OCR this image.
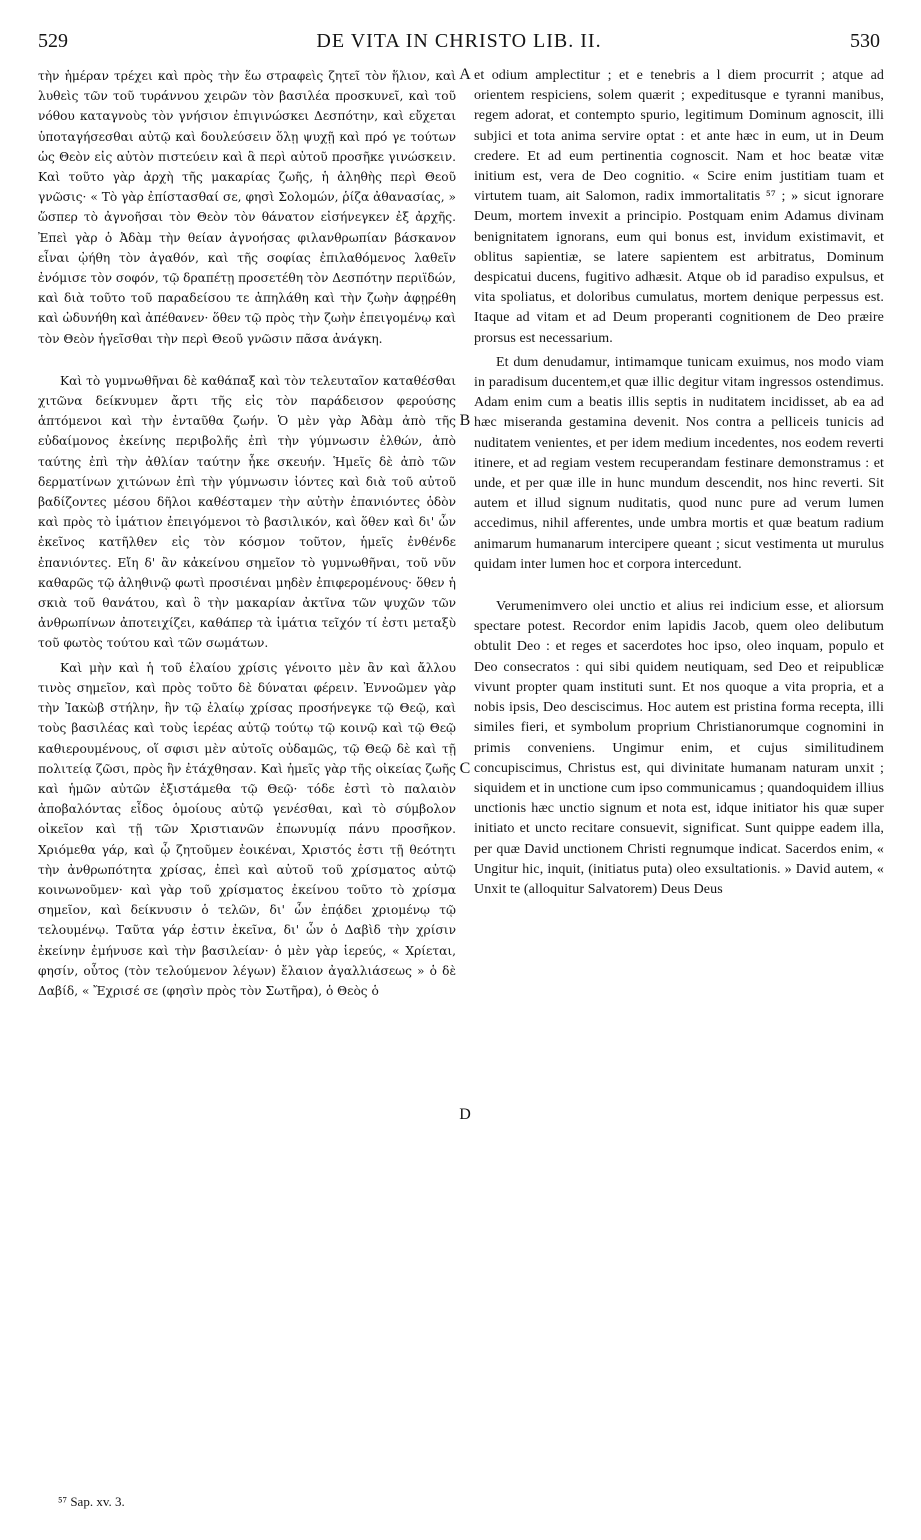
529	DE VITA IN CHRISTO LIB. II.	530

τὴν ἡμέραν τρέχει καὶ πρὸς τὴν ἕω στραφεὶς ζητεῖ τὸν ἥλιον, καὶ λυθεὶς τῶν τοῦ τυράννου χειρῶν τὸν βασιλέα προσκυνεῖ, καὶ τοῦ νόθου καταγνοὺς τὸν γνήσιον ἐπιγινώσκει Δεσπότην, καὶ εὔχεται ὑποταγήσεσθαι αὐτῷ καὶ δουλεύσειν ὅλῃ ψυχῇ καὶ πρό γε τούτων ὡς Θεὸν εἰς αὐτὸν πιστεύειν καὶ ἃ περὶ αὐτοῦ προσῆκε γινώσκειν. Καὶ τοῦτο γὰρ ἀρχὴ τῆς μακαρίας ζωῆς, ἡ ἀληθὴς περὶ Θεοῦ γνῶσις· « Τὸ γὰρ ἐπίστασθαί σε, φησὶ Σολομών, ῥίζα ἀθανασίας, » ὥσπερ τὸ ἀγνοῆσαι τὸν Θεὸν τὸν θάνατον εἰσήνεγκεν ἐξ ἀρχῆς. Ἐπεὶ γὰρ ὁ Ἀδὰμ τὴν θείαν ἀγνοήσας φιλανθρωπίαν βάσκανον εἶναι ᾠήθη τὸν ἀγαθόν, καὶ τῆς σοφίας ἐπιλαθόμενος λαθεῖν ἐνόμισε τὸν σοφόν, τῷ δραπέτῃ προσετέθη τὸν Δεσπότην περιϊδών, καὶ διὰ τοῦτο τοῦ παραδείσου τε ἀπηλάθη καὶ τὴν ζωὴν ἀφῃρέθη καὶ ὠδυνήθη καὶ ἀπέθανεν· ὅθεν τῷ πρὸς τὴν ζωὴν ἐπειγομένῳ καὶ τὸν Θεὸν ἡγεῖσθαι τὴν περὶ Θεοῦ γνῶσιν πᾶσα ἀνάγκη.

Καὶ τὸ γυμνωθῆναι δὲ καθάπαξ καὶ τὸν τελευταῖον καταθέσθαι χιτῶνα δείκνυμεν ἄρτι τῆς εἰς τὸν παράδεισον φερούσης ἁπτόμενοι καὶ τὴν ἐνταῦθα ζωήν. Ὁ μὲν γὰρ Ἀδὰμ ἀπὸ τῆς εὐδαίμονος ἐκείνης περιβολῆς ἐπὶ τὴν γύμνωσιν ἐλθών, ἀπὸ ταύτης ἐπὶ τὴν ἀθλίαν ταύτην ἧκε σκευήν. Ἡμεῖς δὲ ἀπὸ τῶν δερματίνων χιτώνων ἐπὶ τὴν γύμνωσιν ἰόντες καὶ διὰ τοῦ αὐτοῦ βαδίζοντες μέσου δῆλοι καθέσταμεν τὴν αὐτὴν ἐπανιόντες ὁδὸν καὶ πρὸς τὸ ἱμάτιον ἐπειγόμενοι τὸ βασιλικόν, καὶ ὅθεν καὶ δι' ὧν ἐκεῖνος κατῆλθεν εἰς τὸν κόσμον τοῦτον, ἡμεῖς ἐνθένδε ἐπανιόντες. Εἴη δ' ἂν κἀκείνου σημεῖον τὸ γυμνωθῆναι, τοῦ νῦν καθαρῶς τῷ ἀληθινῷ φωτὶ προσιέναι μηδὲν ἐπιφερομένους· ὅθεν ἡ σκιὰ τοῦ θανάτου, καὶ ὃ τὴν μακαρίαν ἀκτῖνα τῶν ψυχῶν τῶν ἀνθρωπίνων ἀποτειχίζει, καθάπερ τὰ ἱμάτια τεῖχόν τί ἐστι μεταξὺ τοῦ φωτὸς τούτου καὶ τῶν σωμάτων.

Καὶ μὴν καὶ ἡ τοῦ ἐλαίου χρίσις γένοιτο μὲν ἂν καὶ ἄλλου τινὸς σημεῖον, καὶ πρὸς τοῦτο δὲ δύναται φέρειν. Ἐννοῶμεν γὰρ τὴν Ἰακὼβ στήλην, ἣν τῷ ἐλαίῳ χρίσας προσήνεγκε τῷ Θεῷ, καὶ τοὺς βασιλέας καὶ τοὺς ἱερέας αὐτῷ τούτῳ τῷ κοινῷ καὶ τῷ Θεῷ καθιερουμένους, οἵ σφισι μὲν αὐτοῖς οὐδαμῶς, τῷ Θεῷ δὲ καὶ τῇ πολιτείᾳ ζῶσι, πρὸς ἣν ἐτάχθησαν. Καὶ ἡμεῖς γὰρ τῆς οἰκείας ζωῆς καὶ ἡμῶν αὐτῶν ἐξιστάμεθα τῷ Θεῷ· τόδε ἐστὶ τὸ παλαιὸν ἀποβαλόντας εἶδος ὁμοίους αὐτῷ γενέσθαι, καὶ τὸ σύμβολον οἰκεῖον καὶ τῇ τῶν Χριστιανῶν ἐπωνυμίᾳ πάνυ προσῆκον. Χριόμεθα γάρ, καὶ ᾧ ζητοῦμεν ἐοικέναι, Χριστός ἐστι τῇ θεότητι τὴν ἀνθρωπότητα χρίσας, ἐπεὶ καὶ αὐτοῦ τοῦ χρίσματος αὐτῷ κοινωνοῦμεν· καὶ γὰρ τοῦ χρίσματος ἐκείνου τοῦτο τὸ χρίσμα σημεῖον, καὶ δείκνυσιν ὁ τελῶν, δι' ὧν ἐπᾴδει χριομένῳ τῷ τελουμένῳ. Ταῦτα γάρ ἐστιν ἐκεῖνα, δι' ὧν ὁ Δαβὶδ τὴν χρίσιν ἐκείνην ἐμήνυσε καὶ τὴν βασιλείαν· ὁ μὲν γὰρ ἱερεύς, « Χρίεται, φησίν, οὗτος (τὸν τελούμενον λέγων) ἔλαιον ἀγαλλιάσεως » ὁ δὲ Δαβίδ, « Ἔχρισέ σε (φησὶν πρὸς τὸν Σωτῆρα), ὁ Θεὸς ὁ

et odium amplectitur ; et e tenebris a l diem procurrit ; atque ad orientem respiciens, solem quærit ; expeditusque e tyranni manibus, regem adorat, et contempto spurio, legitimum Dominum agnoscit, illi subjici et tota anima servire optat : et ante hæc in eum, ut in Deum credere. Et ad eum pertinentia cognoscit. Nam et hoc beatæ vitæ initium est, vera de Deo cognitio. « Scire enim justitiam tuam et virtutem tuam, ait Salomon, radix immortalitatis ⁵⁷ ; » sicut ignorare Deum, mortem invexit a principio. Postquam enim Adamus divinam benignitatem ignorans, eum qui bonus est, invidum existimavit, et oblitus sapientiæ, se latere sapientem est arbitratus, Dominum despicatui ducens, fugitivo adhæsit. Atque ob id paradiso expulsus, et vita spoliatus, et doloribus cumulatus, mortem denique perpessus est. Itaque ad vitam et ad Deum properanti cognitionem de Deo præire prorsus est necessarium.

Et dum denudamur, intimamque tunicam exuimus, nos modo viam in paradisum ducentem,et quæ illic degitur vitam ingressos ostendimus. Adam enim cum a beatis illis septis in nuditatem incidisset, ab ea ad hæc miseranda gestamina devenit. Nos contra a pelliceis tunicis ad nuditatem venientes, et per idem medium incedentes, nos eodem reverti itinere, et ad regiam vestem recuperandam festinare demonstramus : et unde, et per quæ ille in hunc mundum descendit, nos hinc reverti. Sit autem et illud signum nuditatis, quod nunc pure ad verum lumen accedimus, nihil afferentes, unde umbra mortis et quæ beatum radium animarum humanarum intercipere queant ; sicut vestimenta ut murulus quidam inter lumen hoc et corpora intercedunt.

Verumenimvero olei unctio et alius rei indicium esse, et aliorsum spectare potest. Recordor enim lapidis Jacob, quem oleo delibutum obtulit Deo : et reges et sacerdotes hoc ipso, oleo inquam, populo et Deo consecratos : qui sibi quidem neutiquam, sed Deo et reipublicæ vivunt propter quam instituti sunt. Et nos quoque a vita propria, et a nobis ipsis, Deo desciscimus. Hoc autem est pristina forma recepta, illi similes fieri, et symbolum proprium Christianorumque cognomini in primis conveniens. Ungimur enim, et cujus similitudinem concupiscimus, Christus est, qui divinitate humanam naturam unxit ; siquidem et in unctione cum ipso communicamus ; quandoquidem illius unctionis hæc unctio signum et nota est, idque initiator his quæ super initiato et uncto recitare consuevit, significat. Sunt quippe eadem illa, per quæ David unctionem Christi regnumque indicat. Sacerdos enim, « Ungitur hic, inquit, (initiatus puta) oleo exsultationis. » David autem, « Unxit te (alloquitur Salvatorem) Deus Deus

A
B
C
D
⁵⁷ Sap. xv. 3.
